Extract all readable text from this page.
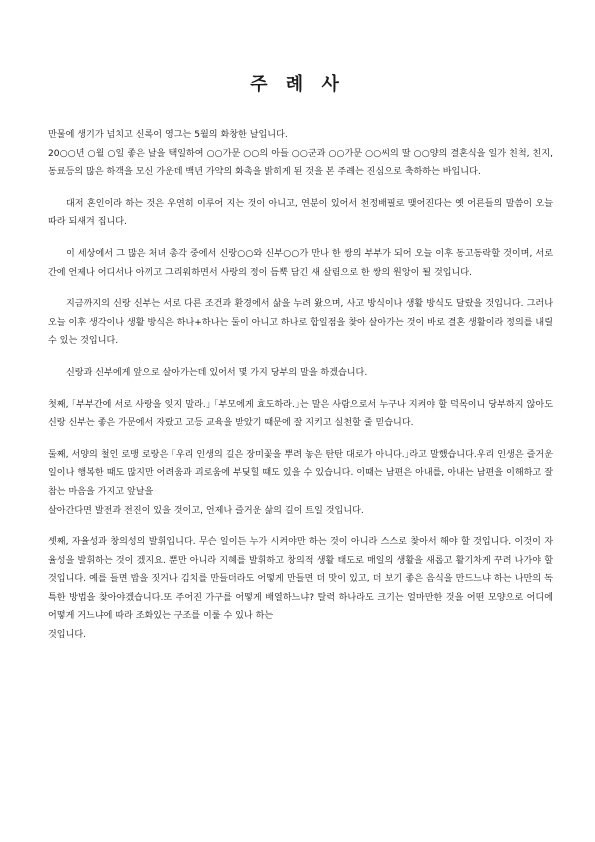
주 례 사

만물에 생기가 넘치고 신록이 영그는 5월의 화창한 날입니다.
20○○년 ○월 ○일 좋은 날을 택일하여 ○○가문 ○○의 아들 ○○군과 ○○가문 ○○씨의 딸 ○○양의 결혼식을 일가 친척, 친지, 동료등의 많은 하객을 모신 가운데 백년 가약의 화촉을 밝히게 된 것을 본 주례는 진심으로 축하하는 바입니다.

대저 혼인이라 하는 것은 우연히 이루어 지는 것이 아니고, 연분이 있어서 천정배필로 맺어진다는 옛 어른들의 말씀이 오늘 따라 되새겨 집니다.

이 세상에서 그 많은 처녀 총각 중에서 신랑○○와 신부○○가 만나 한 쌍의 부부가 되어 오늘 이후 동고동락할 것이며, 서로간에 언제나 어디서나 아끼고 그리워하면서 사랑의 정이 듬뿍 담긴 새 살림으로 한 쌍의 원앙이 될 것입니다.

지금까지의 신랑 신부는 서로 다른 조건과 환경에서 삶을 누려 왔으며, 사고 방식이나 생활 방식도 달랐을 것입니다. 그러나 오늘 이후 생각이나 생활 방식은 하나+하나는 둘이 아니고 하나로 합일점을 찾아 살아가는 것이 바로 결혼 생활이라 정의를 내릴 수 있는 것입니다.

신랑과 신부에게 앞으로 살아가는데 있어서 몇 가지 당부의 말을 하겠습니다.

첫째, ｢부부간에 서로 사랑을 잊지 말라.｣ ｢부모에게 효도하라.｣는 말은 사람으로서 누구나 지켜야 할 덕목이니 당부하지 않아도 신랑 신부는 좋은 가문에서 자랐고 고등 교육을 받았기 때문에 잘 지키고 실천할 줄 믿습니다.

둘째, 서양의 철인 로맹 로랑은 ｢우리 인생의 길은 장미꽃을 뿌려 놓은 탄탄 대로가 아니다.｣라고 말했습니다.우리 인생은 즐거운 일이나 행복한 때도 많지만 어려움과 괴로움에 부딪힐 때도 있을 수 있습니다. 이때는 남편은 아내를, 아내는 남편을 이해하고 잘 참는 마음을 가지고 앞날을
살아간다면 발전과 전진이 있을 것이고, 언제나 즐거운 삶의 길이 트일 것입니다.

셋째, 자율성과 창의성의 발휘입니다. 무슨 일이든 누가 시켜야만 하는 것이 아니라 스스로 찾아서 해야 할 것입니다. 이것이 자율성을 발휘하는 것이 겠지요. 뿐만 아니라 지혜를 발휘하고 창의적 생활 태도로 매일의 생활을 새롭고 활기차게 꾸려 나가야 할 것입니다. 예를 들면 밥을 짓거나 김치를 만들더라도 어떻게 만들면 더 맛이 있고, 더 보기 좋은 음식을 만드느냐 하는 나만의 독특한 방법을 찾아야겠습니다.또 주어진 가구를 어떻게 배열하느냐? 탈력 하나라도 크기는 얼마만한 것을 어떤 모양으로 어디에 어떻게 거느냐에 따라 조화있는 구조를 이룰 수 있나 하는
것입니다.
